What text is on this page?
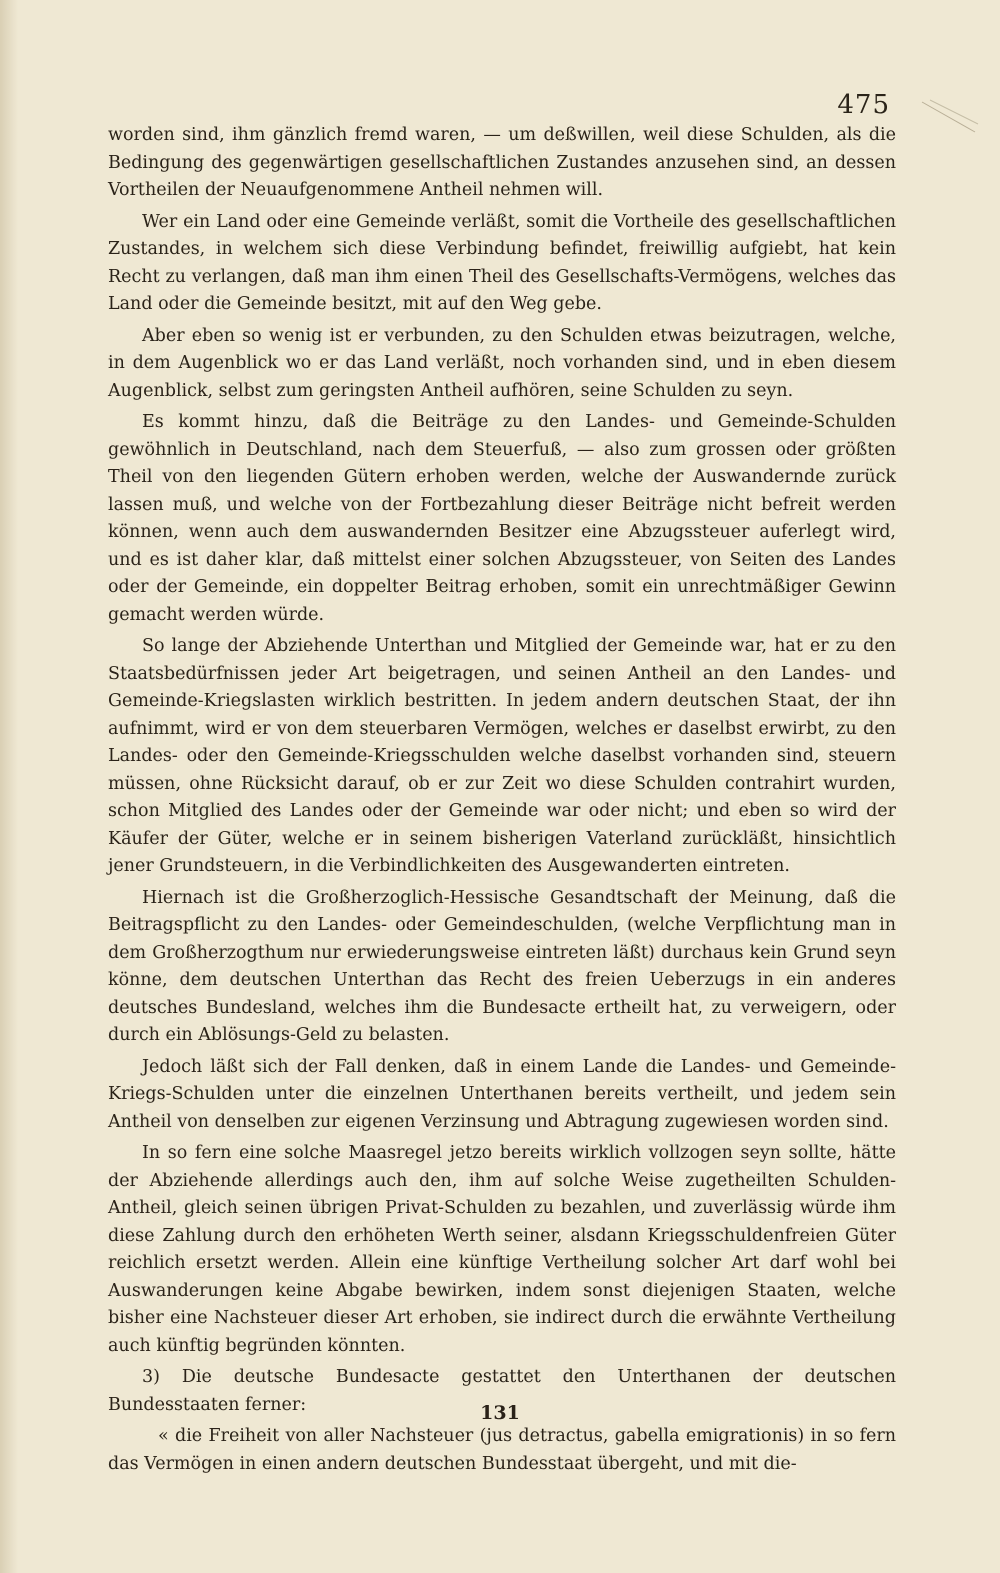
475

worden sind, ihm gänzlich fremd waren, — um deßwillen, weil diese Schulden, als die Bedingung des gegenwärtigen gesellschaftlichen Zustandes anzusehen sind, an dessen Vortheilen der Neuaufgenommene Antheil nehmen will.

Wer ein Land oder eine Gemeinde verläßt, somit die Vortheile des gesellschaftlichen Zustandes, in welchem sich diese Verbindung befindet, freiwillig aufgiebt, hat kein Recht zu verlangen, daß man ihm einen Theil des Gesellschafts-Vermögens, welches das Land oder die Gemeinde besitzt, mit auf den Weg gebe.

Aber eben so wenig ist er verbunden, zu den Schulden etwas beizutragen, welche, in dem Augenblick wo er das Land verläßt, noch vorhanden sind, und in eben diesem Augenblick, selbst zum geringsten Antheil aufhören, seine Schulden zu seyn.

Es kommt hinzu, daß die Beiträge zu den Landes- und Gemeinde-Schulden gewöhnlich in Deutschland, nach dem Steuerfuß, — also zum grossen oder größten Theil von den liegenden Gütern erhoben werden, welche der Auswandernde zurück lassen muß, und welche von der Fortbezahlung dieser Beiträge nicht befreit werden können, wenn auch dem auswandernden Besitzer eine Abzugssteuer auferlegt wird, und es ist daher klar, daß mittelst einer solchen Abzugssteuer, von Seiten des Landes oder der Gemeinde, ein doppelter Beitrag erhoben, somit ein unrechtmäßiger Gewinn gemacht werden würde.

So lange der Abziehende Unterthan und Mitglied der Gemeinde war, hat er zu den Staatsbedürfnissen jeder Art beigetragen, und seinen Antheil an den Landes- und Gemeinde-Kriegslasten wirklich bestritten. In jedem andern deutschen Staat, der ihn aufnimmt, wird er von dem steuerbaren Vermögen, welches er daselbst erwirbt, zu den Landes- oder den Gemeinde-Kriegsschulden welche daselbst vorhanden sind, steuern müssen, ohne Rücksicht darauf, ob er zur Zeit wo diese Schulden contrahirt wurden, schon Mitglied des Landes oder der Gemeinde war oder nicht; und eben so wird der Käufer der Güter, welche er in seinem bisherigen Vaterland zurückläßt, hinsichtlich jener Grundsteuern, in die Verbindlichkeiten des Ausgewanderten eintreten.

Hiernach ist die Großherzoglich-Hessische Gesandtschaft der Meinung, daß die Beitragspflicht zu den Landes- oder Gemeindeschulden, (welche Verpflichtung man in dem Großherzogthum nur erwiederungsweise eintreten läßt) durchaus kein Grund seyn könne, dem deutschen Unterthan das Recht des freien Ueberzugs in ein anderes deutsches Bundesland, welches ihm die Bundesacte ertheilt hat, zu verweigern, oder durch ein Ablösungs-Geld zu belasten.

Jedoch läßt sich der Fall denken, daß in einem Lande die Landes- und Gemeinde-Kriegs-Schulden unter die einzelnen Unterthanen bereits vertheilt, und jedem sein Antheil von denselben zur eigenen Verzinsung und Abtragung zugewiesen worden sind.

In so fern eine solche Maasregel jetzo bereits wirklich vollzogen seyn sollte, hätte der Abziehende allerdings auch den, ihm auf solche Weise zugetheilten Schulden-Antheil, gleich seinen übrigen Privat-Schulden zu bezahlen, und zuverlässig würde ihm diese Zahlung durch den erhöheten Werth seiner, alsdann Kriegsschuldenfreien Güter reichlich ersetzt werden. Allein eine künftige Vertheilung solcher Art darf wohl bei Auswanderungen keine Abgabe bewirken, indem sonst diejenigen Staaten, welche bisher eine Nachsteuer dieser Art erhoben, sie indirect durch die erwähnte Vertheilung auch künftig begründen könnten.

3) Die deutsche Bundesacte gestattet den Unterthanen der deutschen Bundesstaaten ferner:

« die Freiheit von aller Nachsteuer (jus detractus, gabella emigrationis) in so fern das Vermögen in einen andern deutschen Bundesstaat übergeht, und mit die-

131
